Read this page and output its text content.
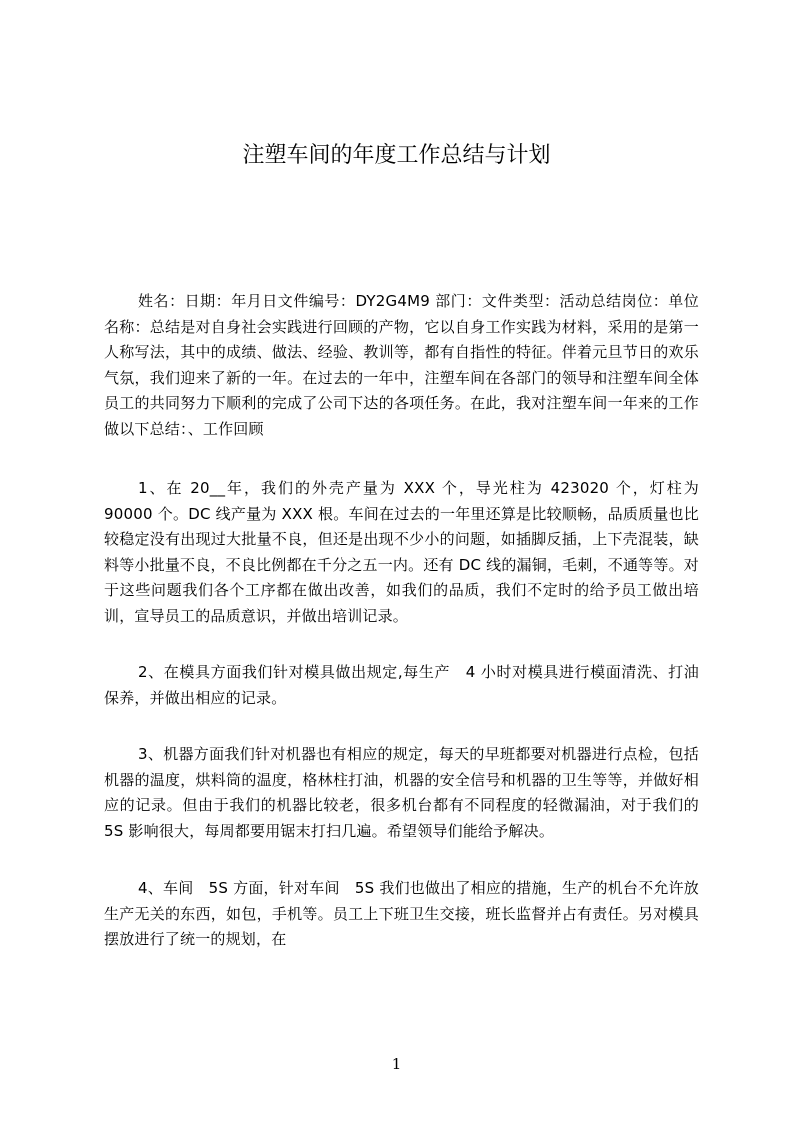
注塑车间的年度工作总结与计划

姓名：日期：年月日文件编号：DY2G4M9 部门：文件类型：活动总结岗位：单位名称：总结是对自身社会实践进行回顾的产物，它以自身工作实践为材料，采用的是第一人称写法，其中的成绩、做法、经验、教训等，都有自指性的特征。伴着元旦节日的欢乐气氛，我们迎来了新的一年。在过去的一年中，注塑车间在各部门的领导和注塑车间全体员工的共同努力下顺利的完成了公司下达的各项任务。在此，我对注塑车间一年来的工作做以下总结：、工作回顾

1、在 20__年，我们的外壳产量为 XXX 个，导光柱为 423020 个，灯柱为 90000 个。DC 线产量为 XXX 根。车间在过去的一年里还算是比较顺畅，品质质量也比较稳定没有出现过大批量不良，但还是出现不少小的问题，如插脚反插，上下壳混装，缺料等小批量不良，不良比例都在千分之五一内。还有 DC 线的漏铜，毛刺，不通等等。对于这些问题我们各个工序都在做出改善，如我们的品质，我们不定时的给予员工做出培训，宣导员工的品质意识，并做出培训记录。

2、在模具方面我们针对模具做出规定,每生产　4 小时对模具进行模面清洗、打油保养，并做出相应的记录。

3、机器方面我们针对机器也有相应的规定，每天的早班都要对机器进行点检，包括机器的温度，烘料筒的温度，格林柱打油，机器的安全信号和机器的卫生等等，并做好相应的记录。但由于我们的机器比较老，很多机台都有不同程度的轻微漏油，对于我们的 5S 影响很大，每周都要用锯末打扫几遍。希望领导们能给予解决。

4、车间　5S 方面，针对车间　5S 我们也做出了相应的措施，生产的机台不允许放生产无关的东西，如包，手机等。员工上下班卫生交接，班长监督并占有责任。另对模具摆放进行了统一的规划，在

1
